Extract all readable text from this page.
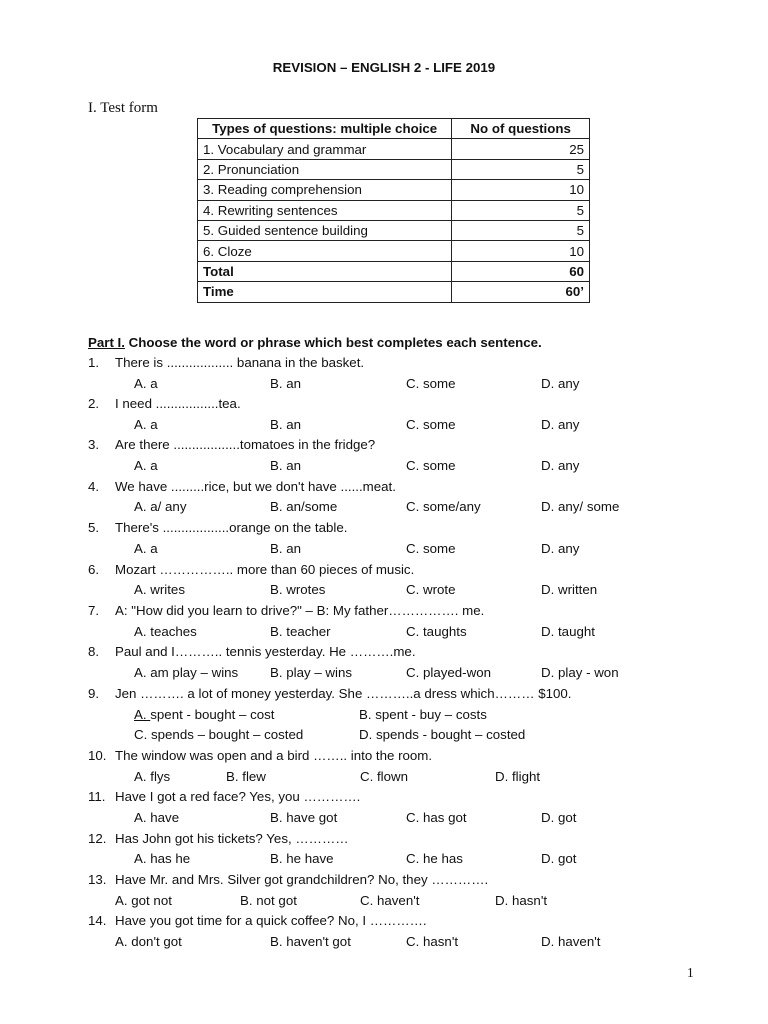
REVISION – ENGLISH 2 - LIFE 2019
I. Test form
Types of questions: multiple choice	No of questions
1. Vocabulary and grammar	25
2. Pronunciation	5
3. Reading comprehension	10
4. Rewriting sentences	5
5. Guided sentence building	5
6. Cloze	10
Total	60
Time	60’
Part I. Choose the word or phrase which best completes each sentence.
1. There is .................. banana in the basket.
A. a	B. an	C. some	D. any
2. I need .................tea.
A. a	B. an	C. some	D. any
3. Are there ..................tomatoes in the fridge?
A. a	B. an	C. some	D. any
4. We have .........rice, but we don't have ......meat.
A. a/ any	B. an/some	C. some/any	D. any/ some
5. There's ..................orange on the table.
A. a	B. an	C. some	D. any
6. Mozart …………….. more than 60 pieces of music.
A. writes	B. wrotes	C. wrote	D. written
7. A: "How did you learn to drive?" – B: My father……………. me.
A. teaches	B. teacher	C. taughts	D. taught
8. Paul and I……….. tennis yesterday. He ……….me.
A. am play – wins B. play – wins	C. played-won	D. play - won
9. Jen ………. a lot of money yesterday. She ………..a dress which……… $100.
A. spent - bought – cost	B. spent - buy – costs
C. spends – bought – costed	D. spends - bought – costed
10. The window was open and a bird …….. into the room.
A. flys	B. flew	C. flown	D. flight
11. Have I got a red face? Yes, you ………….
A. have	B. have got	C. has got	D. got
12. Has John got his tickets? Yes, …………
A. has he	B. he have	C. he has	D. got
13. Have Mr. and Mrs. Silver got grandchildren? No, they ………….
A. got not	B. not got	C. haven't	D. hasn't
14. Have you got time for a quick coffee? No, I ………….
A. don't got	B. haven't got	C. hasn't	D. haven't
1
